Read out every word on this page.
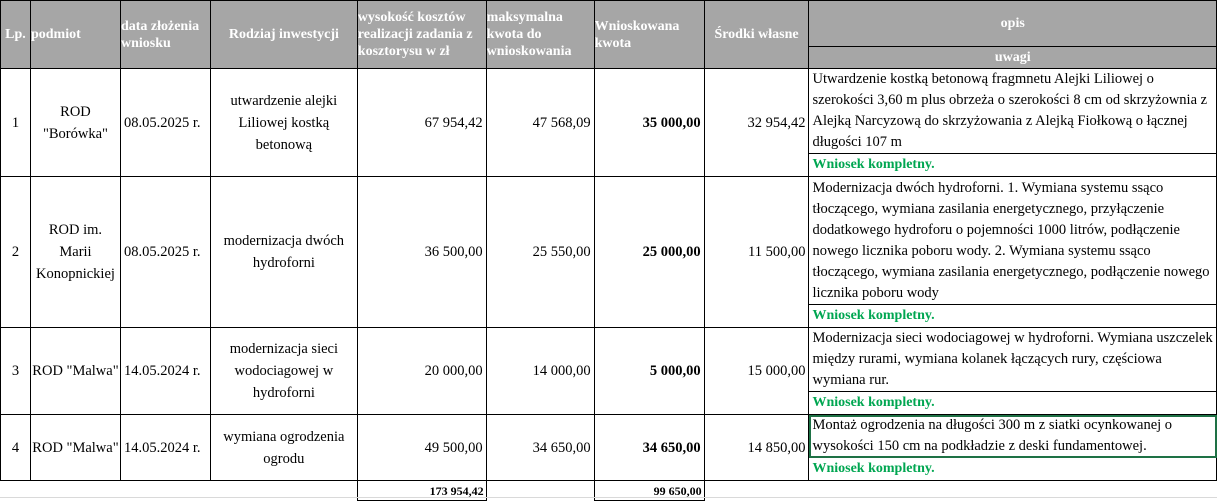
Lp.	podmiot	data złożenia wniosku	Rodziaj inwestycji	wysokość kosztów realizacji zadania z kosztorysu w zł	maksymalna kwota do wnioskowania	Wnioskowana kwota	Środki własne	opis
								uwagi
1	ROD "Borówka"	08.05.2025 r.	utwardzenie alejki Liliowej kostką betonową	67 954,42	47 568,09	35 000,00	32 954,42	Utwardzenie kostką betonową fragmnetu Alejki Liliowej o szerokości 3,60 m plus obrzeża o szerokości 8 cm od skrzyżownia z Alejką Narcyzową do skrzyżowania z Alejką Fiołkową o łącznej długości 107 m
								Wniosek kompletny.
2	ROD im. Marii Konopnickiej	08.05.2025 r.	modernizacja dwóch hydroforni	36 500,00	25 550,00	25 000,00	11 500,00	Modernizacja dwóch hydroforni. 1. Wymiana systemu ssąco tłoczącego, wymiana zasilania energetycznego, przyłączenie dodatkowego hydroforu o pojemności 1000 litrów, podłączenie nowego licznika poboru wody. 2. Wymiana systemu ssąco tłoczącego, wymiana zasilania energetycznego, podłączenie nowego licznika poboru wody
								Wniosek kompletny.
3	ROD "Malwa"	14.05.2024 r.	modernizacja sieci wodociagowej w hydroforni	20 000,00	14 000,00	5 000,00	15 000,00	Modernizacja sieci wodociagowej w hydroforni. Wymiana uszczelek między rurami, wymiana kolanek łączących rury, częściowa wymiana rur.
								Wniosek kompletny.
4	ROD "Malwa"	14.05.2024 r.	wymiana ogrodzenia ogrodu	49 500,00	34 650,00	34 650,00	14 850,00	Montaż ogrodzenia na długości 300 m z siatki ocynkowanej o wysokości 150 cm na podkładzie z deski fundamentowej.
								Wniosek kompletny.
				173 954,42		99 650,00		
